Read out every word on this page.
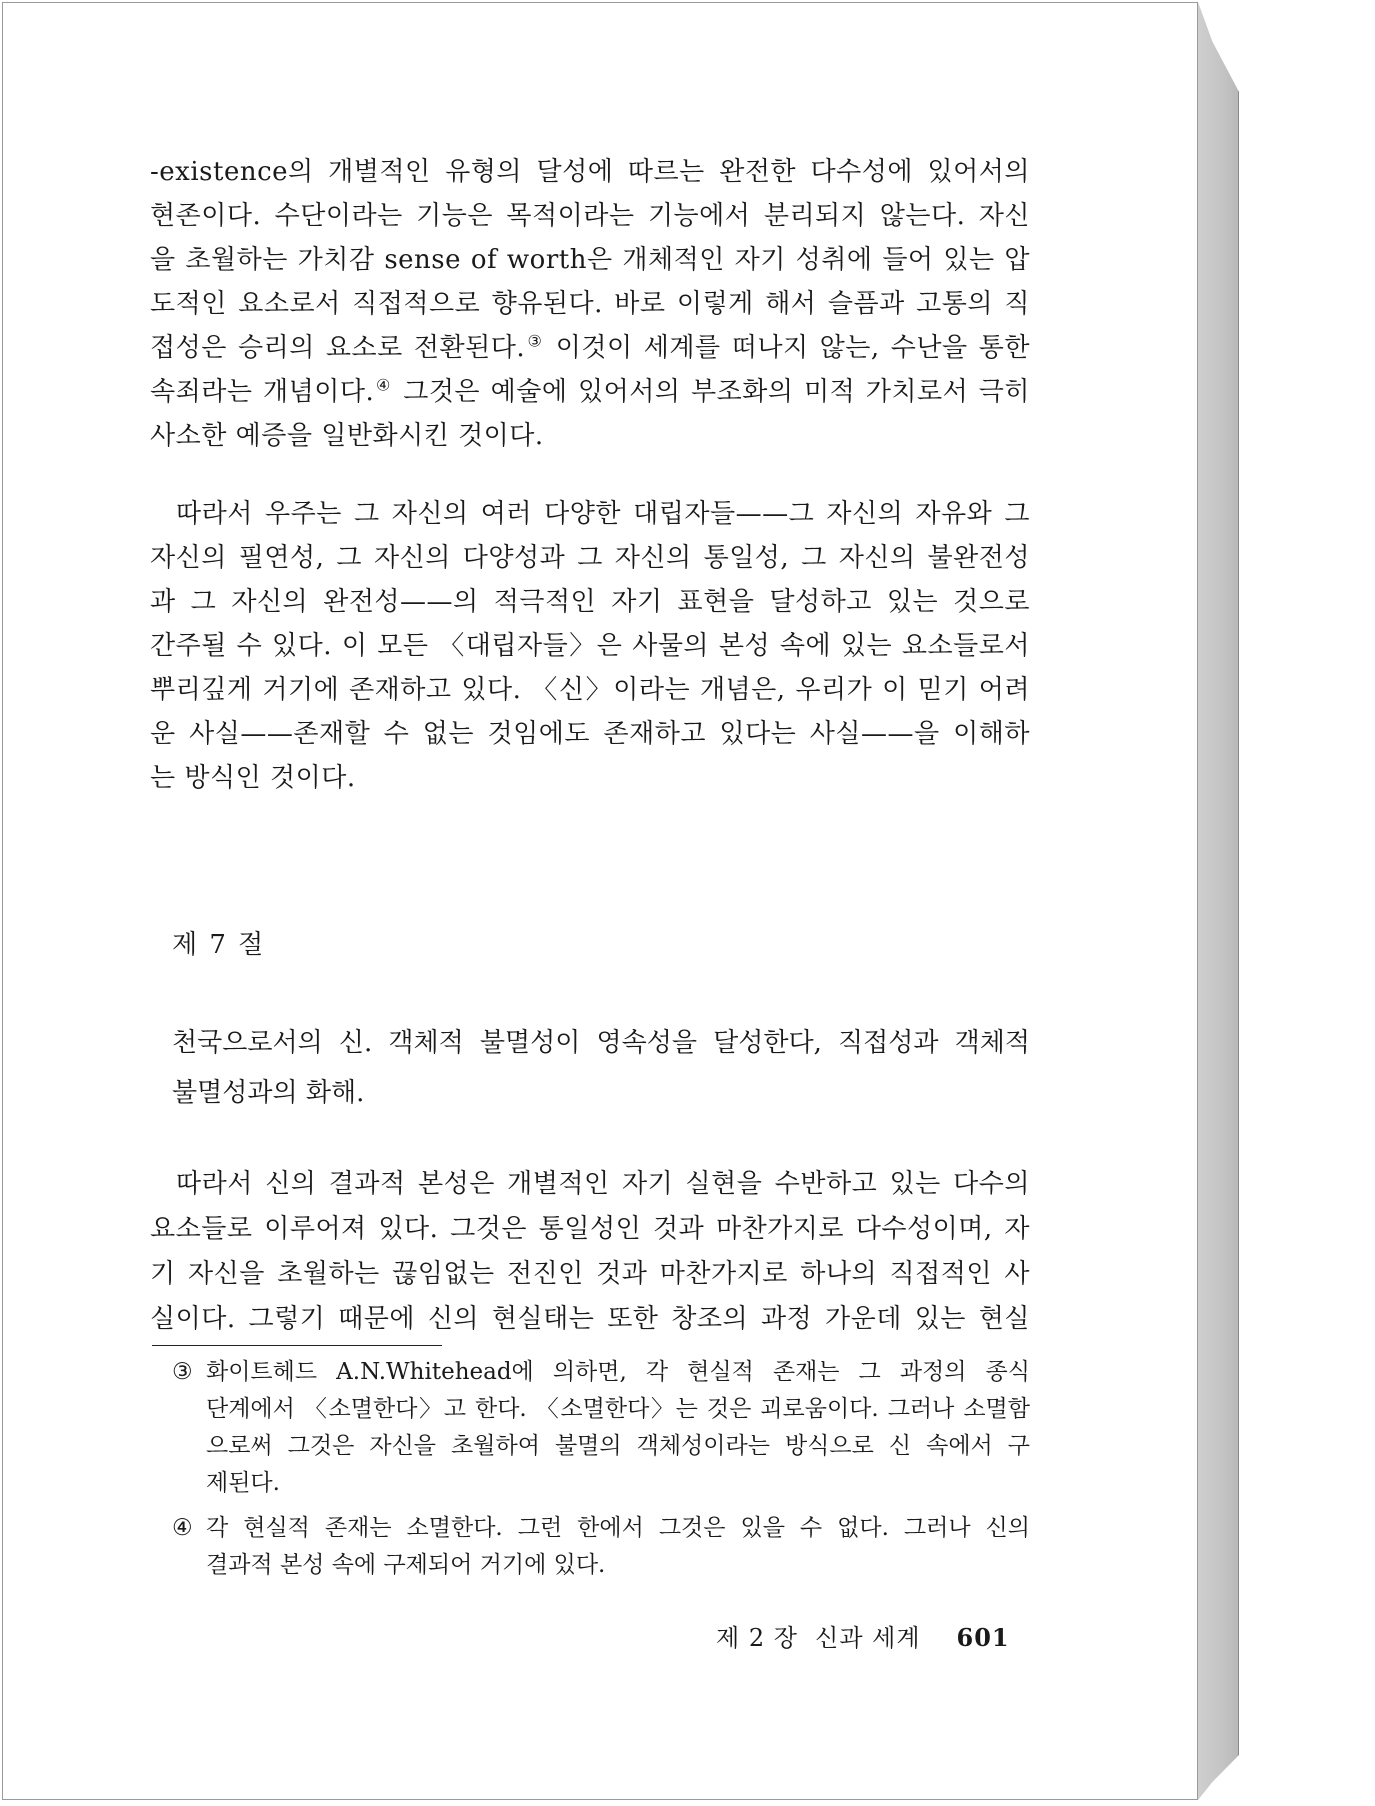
-existence의 개별적인 유형의 달성에 따르는 완전한 다수성에 있어서의
현존이다. 수단이라는 기능은 목적이라는 기능에서 분리되지 않는다. 자신
을 초월하는 가치감 sense of worth은 개체적인 자기 성취에 들어 있는 압
도적인 요소로서 직접적으로 향유된다. 바로 이렇게 해서 슬픔과 고통의 직
접성은 승리의 요소로 전환된다.③ 이것이 세계를 떠나지 않는, 수난을 통한
속죄라는 개념이다.④ 그것은 예술에 있어서의 부조화의 미적 가치로서 극히
사소한 예증을 일반화시킨 것이다.
따라서 우주는 그 자신의 여러 다양한 대립자들——그 자신의 자유와 그
자신의 필연성, 그 자신의 다양성과 그 자신의 통일성, 그 자신의 불완전성
과 그 자신의 완전성——의 적극적인 자기 표현을 달성하고 있는 것으로
간주될 수 있다. 이 모든 〈대립자들〉은 사물의 본성 속에 있는 요소들로서
뿌리깊게 거기에 존재하고 있다. 〈신〉이라는 개념은, 우리가 이 믿기 어려
운 사실——존재할 수 없는 것임에도 존재하고 있다는 사실——을 이해하
는 방식인 것이다.
제 7 절
천국으로서의 신. 객체적 불멸성이 영속성을 달성한다, 직접성과 객체적
불멸성과의 화해.
따라서 신의 결과적 본성은 개별적인 자기 실현을 수반하고 있는 다수의
요소들로 이루어져 있다. 그것은 통일성인 것과 마찬가지로 다수성이며, 자
기 자신을 초월하는 끊임없는 전진인 것과 마찬가지로 하나의 직접적인 사
실이다. 그렇기 때문에 신의 현실태는 또한 창조의 과정 가운데 있는 현실
③ 화이트헤드 A.N.Whitehead에 의하면, 각 현실적 존재는 그 과정의 종식
단계에서 〈소멸한다〉고 한다. 〈소멸한다〉는 것은 괴로움이다. 그러나 소멸함
으로써 그것은 자신을 초월하여 불멸의 객체성이라는 방식으로 신 속에서 구
제된다.
④ 각 현실적 존재는 소멸한다. 그런 한에서 그것은 있을 수 없다. 그러나 신의
결과적 본성 속에 구제되어 거기에 있다.
제 2 장  신과 세계 601
